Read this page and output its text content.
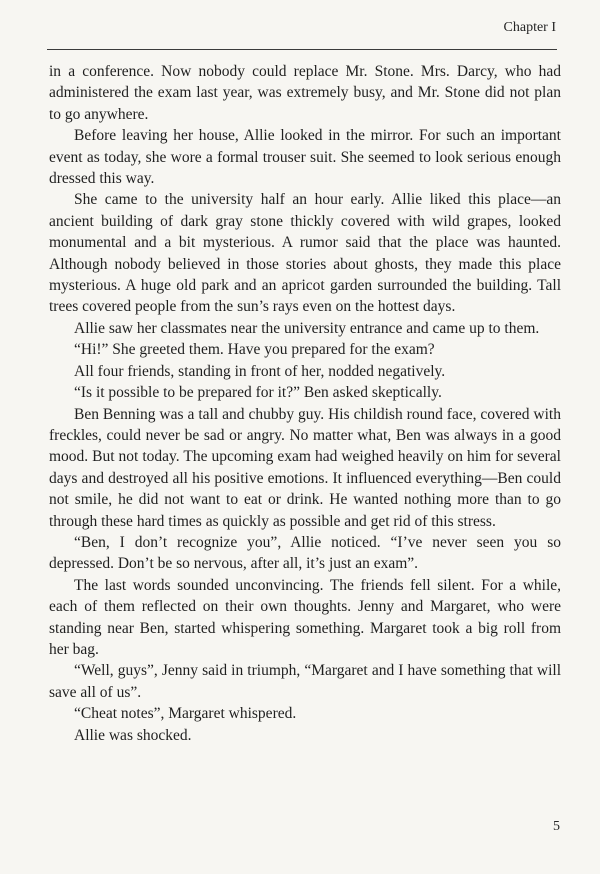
Chapter I

in a conference. Now nobody could replace Mr. Stone. Mrs. Darcy, who had administered the exam last year, was extremely busy, and Mr. Stone did not plan to go anywhere.

Before leaving her house, Allie looked in the mirror. For such an important event as today, she wore a formal trouser suit. She seemed to look serious enough dressed this way.

She came to the university half an hour early. Allie liked this place—an ancient building of dark gray stone thickly covered with wild grapes, looked monumental and a bit mysterious. A rumor said that the place was haunted. Although nobody believed in those stories about ghosts, they made this place mysterious. A huge old park and an apricot garden surrounded the building. Tall trees covered people from the sun’s rays even on the hottest days.

Allie saw her classmates near the university entrance and came up to them.

“Hi!” She greeted them. Have you prepared for the exam?

All four friends, standing in front of her, nodded negatively.

“Is it possible to be prepared for it?” Ben asked skeptically.

Ben Benning was a tall and chubby guy. His childish round face, covered with freckles, could never be sad or angry. No matter what, Ben was always in a good mood. But not today. The upcoming exam had weighed heavily on him for several days and destroyed all his positive emotions. It influenced everything—Ben could not smile, he did not want to eat or drink. He wanted nothing more than to go through these hard times as quickly as possible and get rid of this stress.

“Ben, I don’t recognize you”, Allie noticed. “I’ve never seen you so depressed. Don’t be so nervous, after all, it’s just an exam”.

The last words sounded unconvincing. The friends fell silent. For a while, each of them reflected on their own thoughts. Jenny and Margaret, who were standing near Ben, started whispering something. Margaret took a big roll from her bag.

“Well, guys”, Jenny said in triumph, “Margaret and I have something that will save all of us”.

“Cheat notes”, Margaret whispered.

Allie was shocked.

5
